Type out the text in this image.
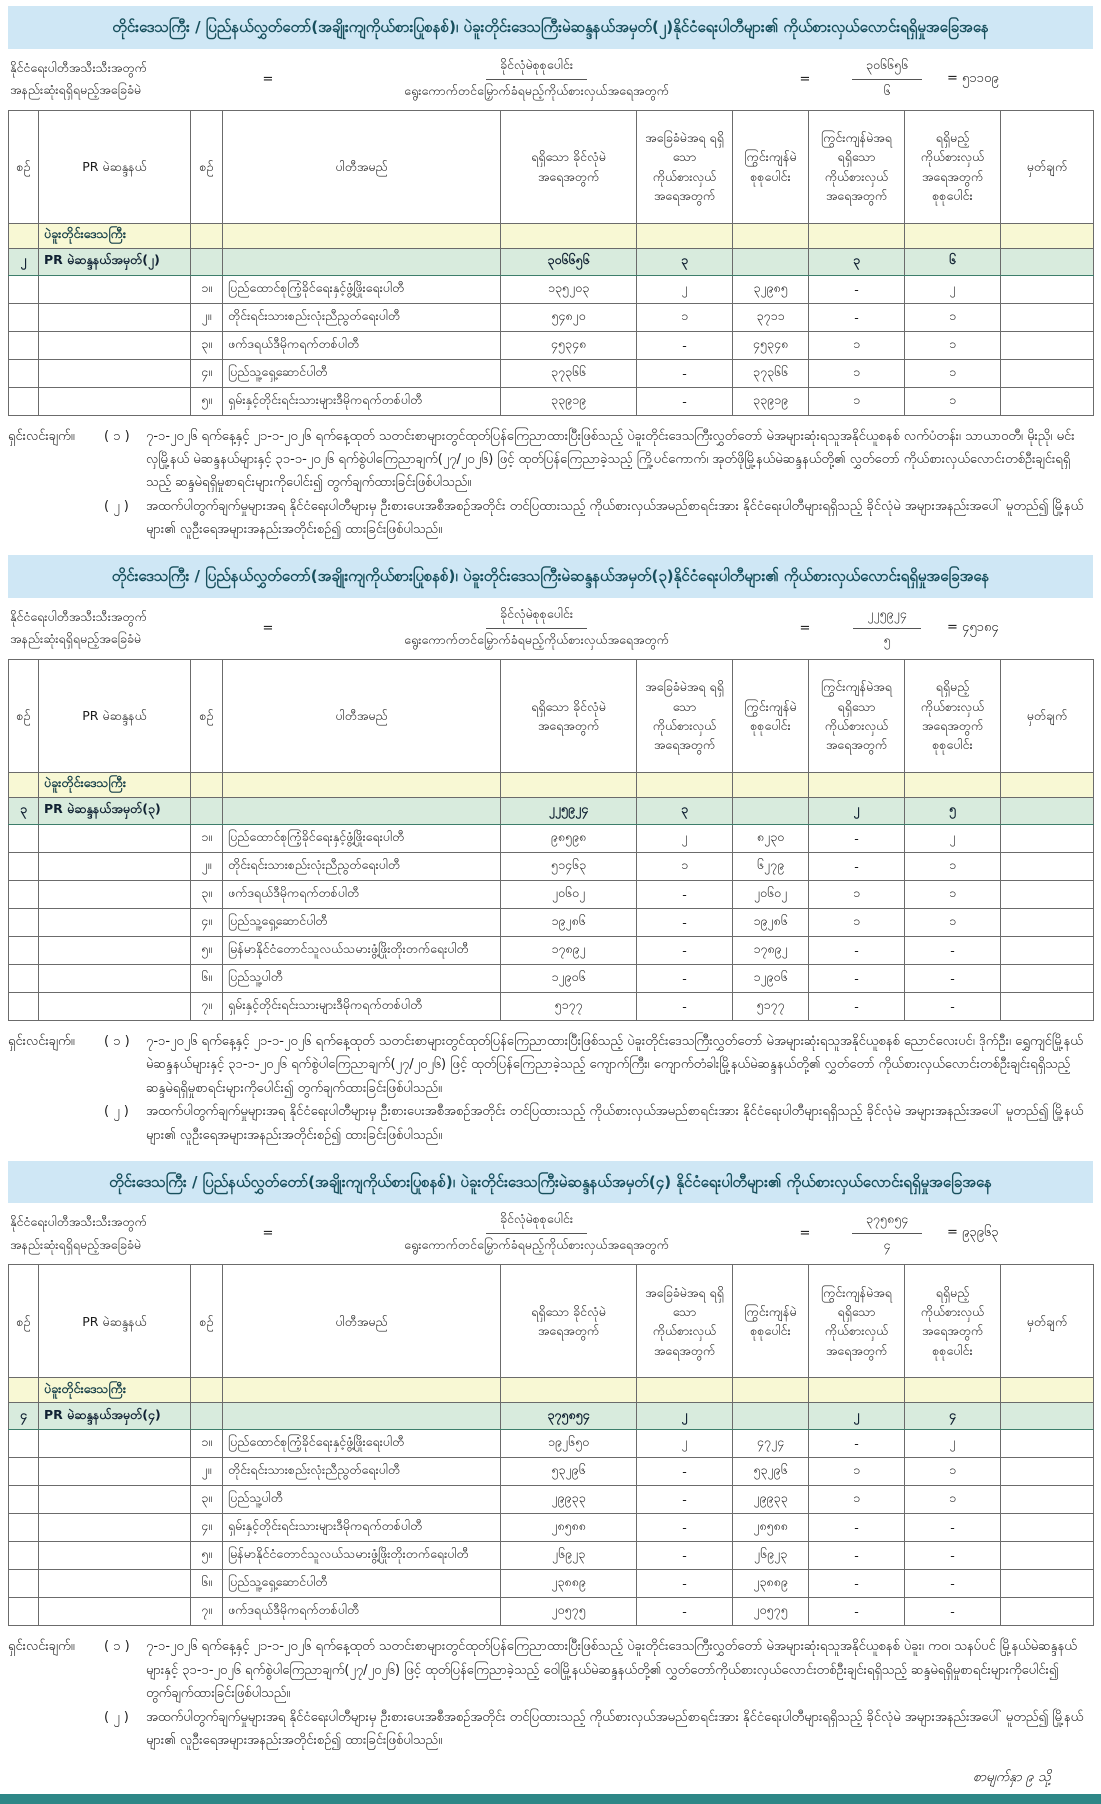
တိုင်းဒေသကြီး / ပြည်နယ်လွှတ်တော်(အချိုးကျကိုယ်စားပြုစနစ်)၊ ပဲခူးတိုင်းဒေသကြီးမဲဆန္ဒနယ်အမှတ်(၂)နိုင်ငံရေးပါတီများ၏ ကိုယ်စားလှယ်လောင်းရရှိမှုအခြေအနေ
နိုင်ငံရေးပါတီအသီးသီးအတွက်
အနည်းဆုံးရရှိရမည့်အခြေခံမဲ
=	$\frac{\text{ခိုင်လုံမဲစုစုပေါင်း}}{\text{ရွေးကောက်တင်မြှောက်ခံရမည့်ကိုယ်စားလှယ်အရေအတွက်}}$	=	$\frac{၃၀၆၆၅၆}{၆}$ = ၅၁၁၀၉
စဉ်	PR မဲဆန္ဒနယ်	စဉ်	ပါတီအမည်	ရရှိသော ခိုင်လုံမဲအရေအတွက်	အခြေခံမဲအရ ရရှိသော ကိုယ်စားလှယ် အရေအတွက်	ကြွင်းကျန်မဲ စုစုပေါင်း	ကြွင်းကျန်မဲအရ ရရှိသော ကိုယ်စားလှယ် အရေအတွက်	ရရှိမည့် ကိုယ်စားလှယ် အရေအတွက် စုစုပေါင်း	မှတ်ချက်
	ပဲခူးတိုင်းဒေသကြီး								
၂	PR မဲဆန္ဒနယ်အမှတ်(၂)			၃၀၆၆၅၆	၃		၃	၆	
		၁။	ပြည်ထောင်စုကြံ့ခိုင်ရေးနှင့်ဖွံ့ဖြိုးရေးပါတီ	၁၃၅၂၀၃	၂	၃၂၉၈၅	-	၂	
		၂။	တိုင်းရင်းသားစည်းလုံးညီညွတ်ရေးပါတီ	၅၄၈၂၀	၁	၃၇၁၁	-	၁	
		၃။	ဖက်ဒရယ်ဒီမိုကရက်တစ်ပါတီ	၄၅၃၄၈	-	၄၅၃၄၈	၁	၁	
		၄။	ပြည်သူ့ရှေ့ဆောင်ပါတီ	၃၇၃၆၆	-	၃၇၃၆၆	၁	၁	
		၅။	ရှမ်းနှင့်တိုင်းရင်းသားများဒီမိုကရက်တစ်ပါတီ	၃၃၉၁၉	-	၃၃၉၁၉	၁	၁	
ရှင်းလင်းချက်။	( ၁ )	၇-၁-၂၀၂၆ ရက်နေ့နှင့် ၂၁-၁-၂၀၂၆ ရက်နေ့ထုတ် သတင်းစာများတွင်ထုတ်ပြန်ကြေညာထားပြီးဖြစ်သည့် ပဲခူးတိုင်းဒေသကြီးလွှတ်တော် မဲအများဆုံးရသူအနိုင်ယူစနစ် လက်ပံတန်း၊ သာယာဝတီ၊ မိုးညို၊ မင်းလှမြို့နယ် မဲဆန္ဒနယ်များနှင့် ၃၁-၁-၂၀၂၆ ရက်စွဲပါကြေညာချက်(၂၇/၂၀၂၆) ဖြင့် ထုတ်ပြန်ကြေညာခဲ့သည့် ကြို့ပင်ကောက်၊ အုတ်ဖိုမြို့နယ်မဲဆန္ဒနယ်တို့၏ လွှတ်တော် ကိုယ်စားလှယ်လောင်းတစ်ဦးချင်းရရှိသည့် ဆန္ဒမဲရရှိမှုစာရင်းများကိုပေါင်း၍ တွက်ချက်ထားခြင်းဖြစ်ပါသည်။
( ၂ )	အထက်ပါတွက်ချက်မှုများအရ နိုင်ငံရေးပါတီများမှ ဦးစားပေးအစီအစဉ်အတိုင်း တင်ပြထားသည့် ကိုယ်စားလှယ်အမည်စာရင်းအား နိုင်ငံရေးပါတီများရရှိသည့် ခိုင်လုံမဲ အများအနည်းအပေါ် မူတည်၍ မြို့နယ်များ၏ လူဦးရေအများအနည်းအတိုင်းစဉ်၍ ထားခြင်းဖြစ်ပါသည်။
တိုင်းဒေသကြီး / ပြည်နယ်လွှတ်တော်(အချိုးကျကိုယ်စားပြုစနစ်)၊ ပဲခူးတိုင်းဒေသကြီးမဲဆန္ဒနယ်အမှတ်(၃)နိုင်ငံရေးပါတီများ၏ ကိုယ်စားလှယ်လောင်းရရှိမှုအခြေအနေ
နိုင်ငံရေးပါတီအသီးသီးအတွက်
အနည်းဆုံးရရှိရမည့်အခြေခံမဲ
=	$\frac{\text{ခိုင်လုံမဲစုစုပေါင်း}}{\text{ရွေးကောက်တင်မြှောက်ခံရမည့်ကိုယ်စားလှယ်အရေအတွက်}}$	=	$\frac{၂၂၅၉၂၄}{၅}$ = ၄၅၁၈၄
စဉ်	PR မဲဆန္ဒနယ်	စဉ်	ပါတီအမည်	ရရှိသော ခိုင်လုံမဲအရေအတွက်	အခြေခံမဲအရ ရရှိသော ကိုယ်စားလှယ် အရေအတွက်	ကြွင်းကျန်မဲ စုစုပေါင်း	ကြွင်းကျန်မဲအရ ရရှိသော ကိုယ်စားလှယ် အရေအတွက်	ရရှိမည့် ကိုယ်စားလှယ် အရေအတွက် စုစုပေါင်း	မှတ်ချက်
	ပဲခူးတိုင်းဒေသကြီး								
၃	PR မဲဆန္ဒနယ်အမှတ်(၃)			၂၂၅၉၂၄	၃		၂	၅	
		၁။	ပြည်ထောင်စုကြံ့ခိုင်ရေးနှင့်ဖွံ့ဖြိုးရေးပါတီ	၉၈၅၉၈	၂	၈၂၃၀	-	၂	
		၂။	တိုင်းရင်းသားစည်းလုံးညီညွတ်ရေးပါတီ	၅၁၄၆၃	၁	၆၂၇၉	-	၁	
		၃။	ဖက်ဒရယ်ဒီမိုကရက်တစ်ပါတီ	၂၀၆၀၂	-	၂၀၆၀၂	၁	၁	
		၄။	ပြည်သူ့ရှေ့ဆောင်ပါတီ	၁၉၂၈၆	-	၁၉၂၈၆	၁	၁	
		၅။	မြန်မာနိုင်ငံတောင်သူလယ်သမားဖွံ့ဖြိုးတိုးတက်ရေးပါတီ	၁၇၈၉၂	-	၁၇၈၉၂	-	-	
		၆။	ပြည်သူ့ပါတီ	၁၂၉၀၆	-	၁၂၉၀၆	-	-	
		၇။	ရှမ်းနှင့်တိုင်းရင်းသားများဒီမိုကရက်တစ်ပါတီ	၅၁၇၇	-	၅၁၇၇	-	-	
ရှင်းလင်းချက်။	( ၁ )	၇-၁-၂၀၂၆ ရက်နေ့နှင့် ၂၁-၁-၂၀၂၆ ရက်နေ့ထုတ် သတင်းစာများတွင်ထုတ်ပြန်ကြေညာထားပြီးဖြစ်သည့် ပဲခူးတိုင်းဒေသကြီးလွှတ်တော် မဲအများဆုံးရသူအနိုင်ယူစနစ် ညောင်လေးပင်၊ ဒိုက်ဦး၊ ရွှေကျင်မြို့နယ်မဲဆန္ဒနယ်များနှင့် ၃၁-၁-၂၀၂၆ ရက်စွဲပါကြေညာချက်(၂၇/၂၀၂၆) ဖြင့် ထုတ်ပြန်ကြေညာခဲ့သည့် ကျောက်ကြီး၊ ကျောက်တံခါးမြို့နယ်မဲဆန္ဒနယ်တို့၏ လွှတ်တော် ကိုယ်စားလှယ်လောင်းတစ်ဦးချင်းရရှိသည့် ဆန္ဒမဲရရှိမှုစာရင်းများကိုပေါင်း၍ တွက်ချက်ထားခြင်းဖြစ်ပါသည်။
( ၂ )	အထက်ပါတွက်ချက်မှုများအရ နိုင်ငံရေးပါတီများမှ ဦးစားပေးအစီအစဉ်အတိုင်း တင်ပြထားသည့် ကိုယ်စားလှယ်အမည်စာရင်းအား နိုင်ငံရေးပါတီများရရှိသည့် ခိုင်လုံမဲ အများအနည်းအပေါ် မူတည်၍ မြို့နယ်များ၏ လူဦးရေအများအနည်းအတိုင်းစဉ်၍ ထားခြင်းဖြစ်ပါသည်။
တိုင်းဒေသကြီး / ပြည်နယ်လွှတ်တော်(အချိုးကျကိုယ်စားပြုစနစ်)၊ ပဲခူးတိုင်းဒေသကြီးမဲဆန္ဒနယ်အမှတ်(၄) နိုင်ငံရေးပါတီများ၏ ကိုယ်စားလှယ်လောင်းရရှိမှုအခြေအနေ
နိုင်ငံရေးပါတီအသီးသီးအတွက်
အနည်းဆုံးရရှိရမည့်အခြေခံမဲ
=	$\frac{\text{ခိုင်လုံမဲစုစုပေါင်း}}{\text{ရွေးကောက်တင်မြှောက်ခံရမည့်ကိုယ်စားလှယ်အရေအတွက်}}$	=	$\frac{၃၇၅၈၅၄}{၄}$ = ၉၃၉၆၃
စဉ်	PR မဲဆန္ဒနယ်	စဉ်	ပါတီအမည်	ရရှိသော ခိုင်လုံမဲအရေအတွက်	အခြေခံမဲအရ ရရှိသော ကိုယ်စားလှယ် အရေအတွက်	ကြွင်းကျန်မဲ စုစုပေါင်း	ကြွင်းကျန်မဲအရ ရရှိသော ကိုယ်စားလှယ် အရေအတွက်	ရရှိမည့် ကိုယ်စားလှယ် အရေအတွက် စုစုပေါင်း	မှတ်ချက်
	ပဲခူးတိုင်းဒေသကြီး								
၄	PR မဲဆန္ဒနယ်အမှတ်(၄)			၃၇၅၈၅၄	၂		၂	၄	
		၁။	ပြည်ထောင်စုကြံ့ခိုင်ရေးနှင့်ဖွံ့ဖြိုးရေးပါတီ	၁၉၂၆၅၀	၂	၄၇၂၄	-	၂	
		၂။	တိုင်းရင်းသားစည်းလုံးညီညွတ်ရေးပါတီ	၅၃၂၉၆	-	၅၃၂၉၆	၁	၁	
		၃။	ပြည်သူ့ပါတီ	၂၉၉၃၃	-	၂၉၉၃၃	၁	၁	
		၄။	ရှမ်းနှင့်တိုင်းရင်းသားများဒီမိုကရက်တစ်ပါတီ	၂၈၅၈၈	-	၂၈၅၈၈	-	-	
		၅။	မြန်မာနိုင်ငံတောင်သူလယ်သမားဖွံ့ဖြိုးတိုးတက်ရေးပါတီ	၂၆၉၂၃	-	၂၆၉၂၃	-	-	
		၆။	ပြည်သူ့ရှေ့ဆောင်ပါတီ	၂၃၈၈၉	-	၂၃၈၈၉	-	-	
		၇။	ဖက်ဒရယ်ဒီမိုကရက်တစ်ပါတီ	၂၀၅၇၅	-	၂၀၅၇၅	-	-	
ရှင်းလင်းချက်။	( ၁ )	၇-၁-၂၀၂၆ ရက်နေ့နှင့် ၂၁-၁-၂၀၂၆ ရက်နေ့ထုတ် သတင်းစာများတွင်ထုတ်ပြန်ကြေညာထားပြီးဖြစ်သည့် ပဲခူးတိုင်းဒေသကြီးလွှတ်တော် မဲအများဆုံးရသူအနိုင်ယူစနစ် ပဲခူး၊ ကဝ၊ သနပ်ပင် မြို့နယ်မဲဆန္ဒနယ်များနှင့် ၃၁-၁-၂၀၂၆ ရက်စွဲပါကြေညာချက်(၂၇/၂၀၂၆) ဖြင့် ထုတ်ပြန်ကြေညာခဲ့သည့် ဝေါမြို့နယ်မဲဆန္ဒနယ်တို့၏ လွှတ်တော်ကိုယ်စားလှယ်လောင်းတစ်ဦးချင်းရရှိသည့် ဆန္ဒမဲရရှိမှုစာရင်းများကိုပေါင်း၍ တွက်ချက်ထားခြင်းဖြစ်ပါသည်။
( ၂ )	အထက်ပါတွက်ချက်မှုများအရ နိုင်ငံရေးပါတီများမှ ဦးစားပေးအစီအစဉ်အတိုင်း တင်ပြထားသည့် ကိုယ်စားလှယ်အမည်စာရင်းအား နိုင်ငံရေးပါတီများရရှိသည့် ခိုင်လုံမဲ အများအနည်းအပေါ် မူတည်၍ မြို့နယ်များ၏ လူဦးရေအများအနည်းအတိုင်းစဉ်၍ ထားခြင်းဖြစ်ပါသည်။
စာမျက်နှာ ၉ သို့
